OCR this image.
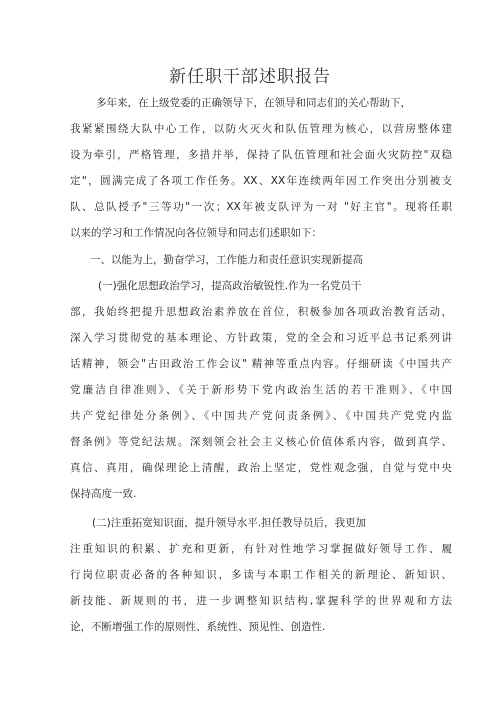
新任职干部述职报告
多年来，在上级党委的正确领导下，在领导和同志们的关心帮助下，
我紧紧围绕大队中心工作，以防火灭火和队伍管理为核心，以营房整体建
设为牵引，严格管理，多措并举，保持了队伍管理和社会面火灾防控"双稳
定"，圆满完成了各项工作任务。XX、XX年连续两年因工作突出分别被支
队、总队授予"三等功"一次；XX年被支队评为一对 "好主官"。现将任职
以来的学习和工作情况向各位领导和同志们述职如下：
一、以能为上，勤奋学习，工作能力和责任意识实现新提高
(一)强化思想政治学习，提高政治敏锐性.作为一名党员干
部，我始终把提升思想政治素养放在首位，积极参加各项政治教育活动，
深入学习贯彻党的基本理论、方针政策，党的全会和习近平总书记系列讲
话精神，领会"古田政治工作会议" 精神等重点内容。仔细研读《中国共产
党廉洁自律准则》、《关于新形势下党内政治生活的若干准则》、《中国
共产党纪律处分条例》、《中国共产党问责条例》、《中国共产党党内监
督条例》等党纪法规。深刻领会社会主义核心价值体系内容，做到真学、
真信、真用，确保理论上清醒，政治上坚定，党性观念强，自觉与党中央
保持高度一致.
(二)注重拓宽知识面，提升领导水平.担任教导员后，我更加
注重知识的积累、扩充和更新，有针对性地学习掌握做好领导工作、履
行岗位职责必备的各种知识，多读与本职工作相关的新理论、新知识、
新技能、新规则的书，进一步调整知识结构,掌握科学的世界观和方法
论，不断增强工作的原则性、系统性、预见性、创造性.
